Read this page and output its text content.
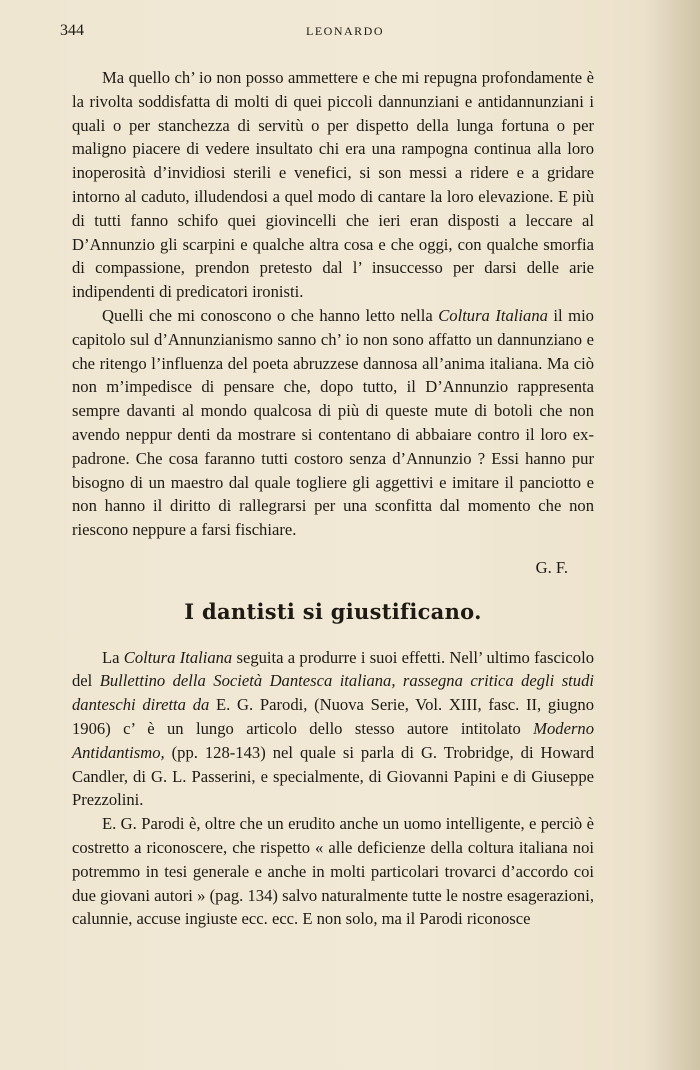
344	LEONARDO

Ma quello ch’ io non posso ammettere e che mi repugna profondamente è la rivolta soddisfatta di molti di quei piccoli dannunziani e antidannunziani i quali o per stanchezza di servitù o per dispetto della lunga fortuna o per maligno piacere di vedere insultato chi era una rampogna continua alla loro inoperosità d’invidiosi sterili e venefici, si son messi a ridere e a gridare intorno al caduto, illudendosi a quel modo di cantare la loro elevazione. E più di tutti fanno schifo quei giovincelli che ieri eran disposti a leccare al D’Annunzio gli scarpini e qualche altra cosa e che oggi, con qualche smorfia di compassione, prendon pretesto dal l’ insuccesso per darsi delle arie indipendenti di predicatori ironisti.

Quelli che mi conoscono o che hanno letto nella Coltura Italiana il mio capitolo sul d’Annunzianismo sanno ch’ io non sono affatto un dannunziano e che ritengo l’influenza del poeta abruzzese dannosa all’anima italiana. Ma ciò non m’impedisce di pensare che, dopo tutto, il D’Annunzio rappresenta sempre davanti al mondo qualcosa di più di queste mute di botoli che non avendo neppur denti da mostrare si contentano di abbaiare contro il loro ex-padrone. Che cosa faranno tutti costoro senza d’Annunzio ? Essi hanno pur bisogno di un maestro dal quale togliere gli aggettivi e imitare il panciotto e non hanno il diritto di rallegrarsi per una sconfitta dal momento che non riescono neppure a farsi fischiare.

G. F.
I dantisti si giustificano.

La Coltura Italiana seguita a produrre i suoi effetti. Nell’ ultimo fascicolo del Bullettino della Società Dantesca italiana, rassegna critica degli studi danteschi diretta da E. G. Parodi, (Nuova Serie, Vol. XIII, fasc. II, giugno 1906) c’ è un lungo articolo dello stesso autore intitolato Moderno Antidantismo, (pp. 128-143) nel quale si parla di G. Trobridge, di Howard Candler, di G. L. Passerini, e specialmente, di Giovanni Papini e di Giuseppe Prezzolini.

E. G. Parodi è, oltre che un erudito anche un uomo intelligente, e perciò è costretto a riconoscere, che rispetto « alle deficienze della coltura italiana noi potremmo in tesi generale e anche in molti particolari trovarci d’accordo coi due giovani autori » (pag. 134) salvo naturalmente tutte le nostre esagerazioni, calunnie, accuse ingiuste ecc. ecc. E non solo, ma il Parodi riconosce
